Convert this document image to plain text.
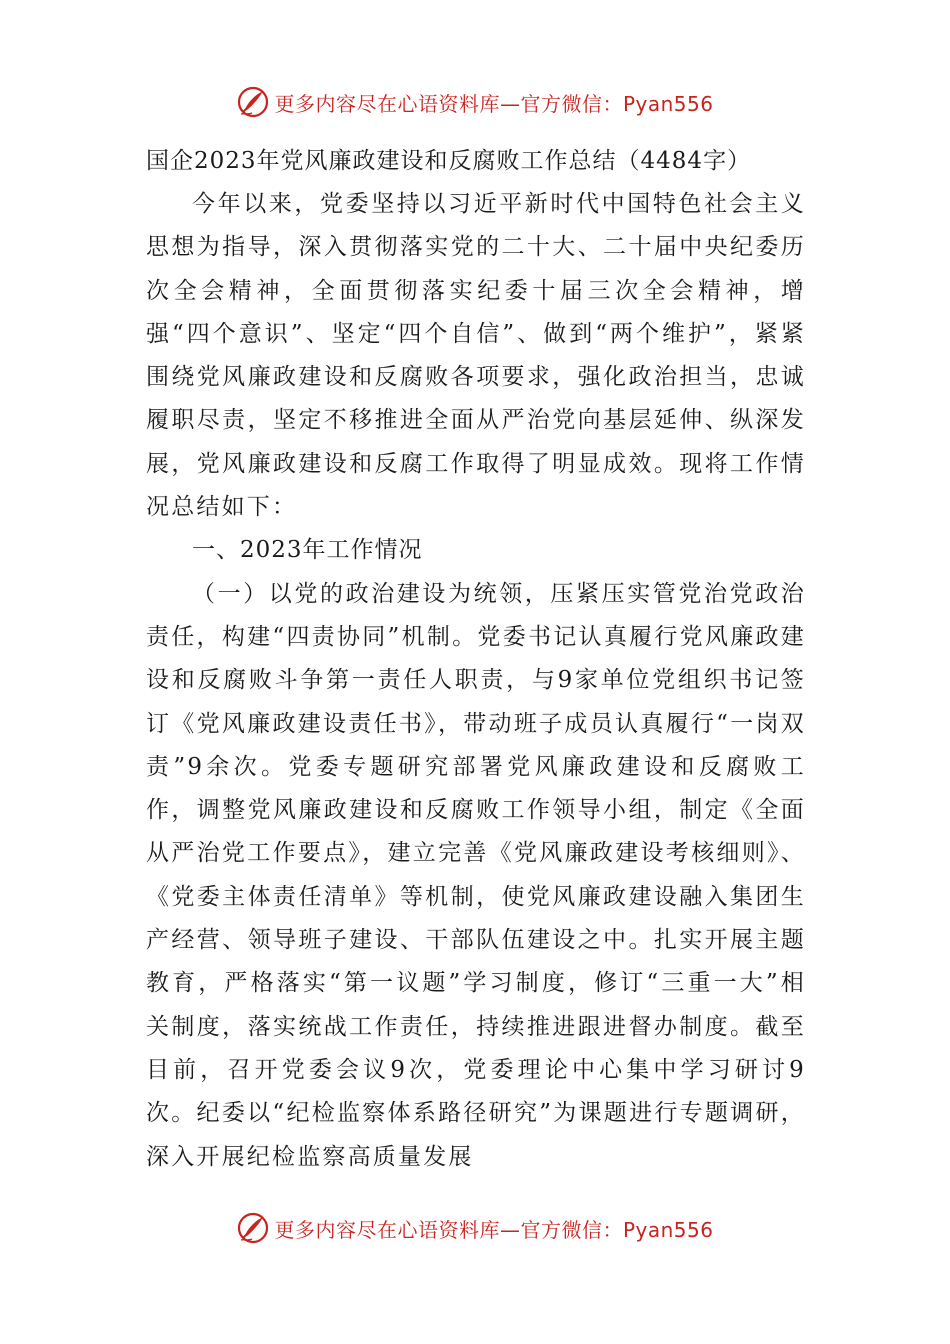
更多内容尽在心语资料库—官方微信：Pyan556
国企2023年党风廉政建设和反腐败工作总结（4484字）

今年以来，党委坚持以习近平新时代中国特色社会主义思想为指导，深入贯彻落实党的二十大、二十届中央纪委历次全会精神，全面贯彻落实纪委十届三次全会精神，增强“四个意识”、坚定“四个自信”、做到“两个维护”，紧紧围绕党风廉政建设和反腐败各项要求，强化政治担当，忠诚履职尽责，坚定不移推进全面从严治党向基层延伸、纵深发展，党风廉政建设和反腐工作取得了明显成效。现将工作情况总结如下：

一、2023年工作情况

（一）以党的政治建设为统领，压紧压实管党治党政治责任，构建“四责协同”机制。党委书记认真履行党风廉政建设和反腐败斗争第一责任人职责，与9家单位党组织书记签订《党风廉政建设责任书》，带动班子成员认真履行“一岗双责”9余次。党委专题研究部署党风廉政建设和反腐败工作，调整党风廉政建设和反腐败工作领导小组，制定《全面从严治党工作要点》，建立完善《党风廉政建设考核细则》、《党委主体责任清单》等机制，使党风廉政建设融入集团生产经营、领导班子建设、干部队伍建设之中。扎实开展主题教育，严格落实“第一议题”学习制度，修订“三重一大”相关制度，落实统战工作责任，持续推进跟进督办制度。截至目前，召开党委会议9次，党委理论中心集中学习研讨9次。纪委以“纪检监察体系路径研究”为课题进行专题调研，深入开展纪检监察高质量发展

更多内容尽在心语资料库—官方微信：Pyan556
